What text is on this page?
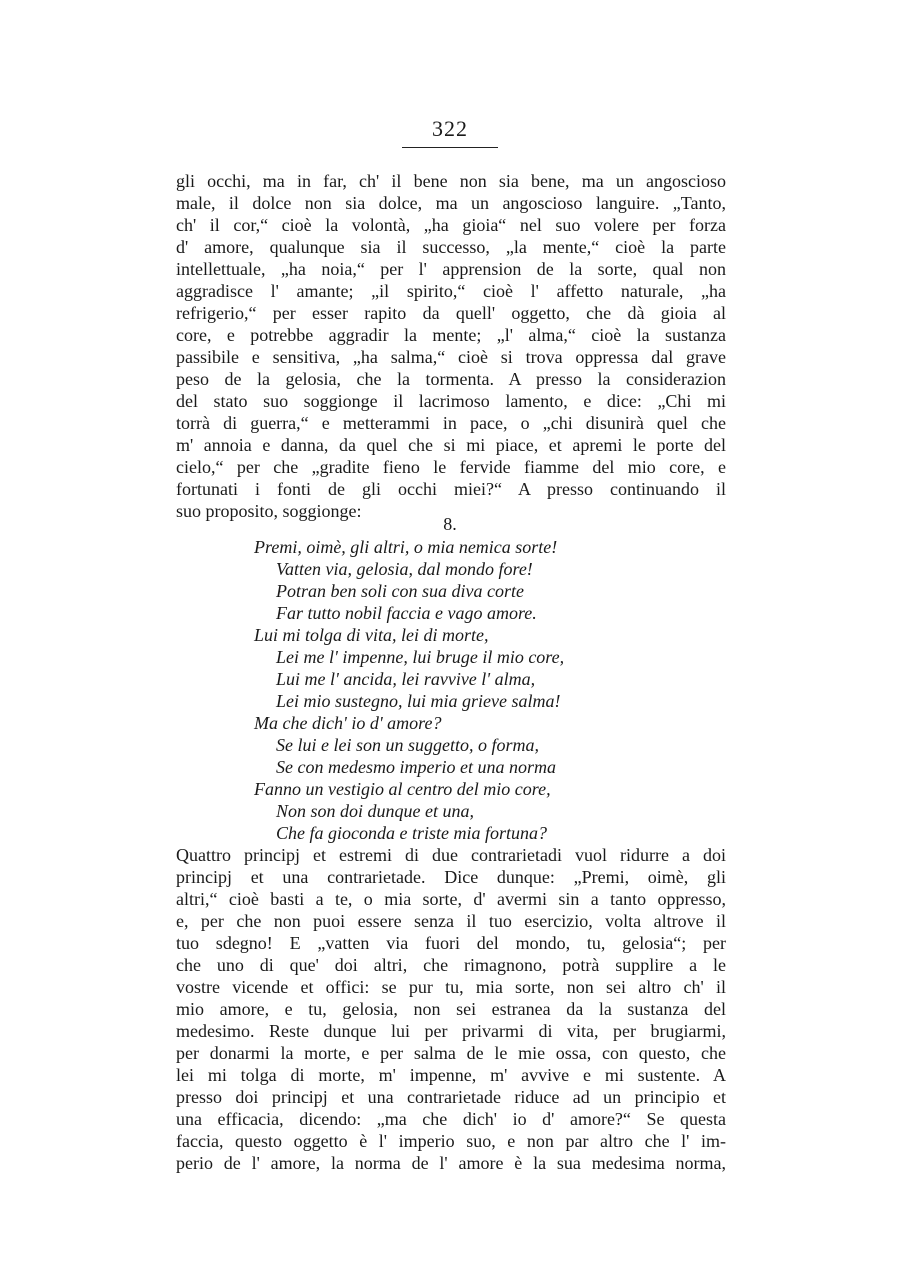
322
gli occhi, ma in far, ch' il bene non sia bene, ma un angoscioso
male, il dolce non sia dolce, ma un angoscioso languire. „Tanto,
ch' il cor,“ cioè la volontà, „ha gioia“ nel suo volere per forza
d' amore, qualunque sia il successo, „la mente,“ cioè la parte
intellettuale, „ha noia,“ per l' apprension de la sorte, qual non
aggradisce l' amante; „il spirito,“ cioè l' affetto naturale, „ha
refrigerio,“ per esser rapito da quell' oggetto, che dà gioia al
core, e potrebbe aggradir la mente; „l' alma,“ cioè la sustanza
passibile e sensitiva, „ha salma,“ cioè si trova oppressa dal grave
peso de la gelosia, che la tormenta. A presso la considerazion
del stato suo soggionge il lacrimoso lamento, e dice: „Chi mi
torrà di guerra,“ e metterammi in pace, o „chi disunirà quel che
m' annoia e danna, da quel che si mi piace, et apremi le porte del
cielo,“ per che „gradite fieno le fervide fiamme del mio core, e
fortunati i fonti de gli occhi miei?“ A presso continuando il
suo proposito, soggionge:
8.
Premi, oimè, gli altri, o mia nemica sorte!
Vatten via, gelosia, dal mondo fore!
Potran ben soli con sua diva corte
Far tutto nobil faccia e vago amore.
Lui mi tolga di vita, lei di morte,
Lei me l' impenne, lui bruge il mio core,
Lui me l' ancida, lei ravvive l' alma,
Lei mio sustegno, lui mia grieve salma!
Ma che dich' io d' amore?
Se lui e lei son un suggetto, o forma,
Se con medesmo imperio et una norma
Fanno un vestigio al centro del mio core,
Non son doi dunque et una,
Che fa gioconda e triste mia fortuna?
Quattro principj et estremi di due contrarietadi vuol ridurre a doi
principj et una contrarietade. Dice dunque: „Premi, oimè, gli
altri,“ cioè basti a te, o mia sorte, d' avermi sin a tanto oppresso,
e, per che non puoi essere senza il tuo esercizio, volta altrove il
tuo sdegno! E „vatten via fuori del mondo, tu, gelosia“; per
che uno di que' doi altri, che rimagnono, potrà supplire a le
vostre vicende et offici: se pur tu, mia sorte, non sei altro ch' il
mio amore, e tu, gelosia, non sei estranea da la sustanza del
medesimo. Reste dunque lui per privarmi di vita, per brugiarmi,
per donarmi la morte, e per salma de le mie ossa, con questo, che
lei mi tolga di morte, m' impenne, m' avvive e mi sustente. A
presso doi principj et una contrarietade riduce ad un principio et
una efficacia, dicendo: „ma che dich' io d' amore?“ Se questa
faccia, questo oggetto è l' imperio suo, e non par altro che l' im-
perio de l' amore, la norma de l' amore è la sua medesima norma,
